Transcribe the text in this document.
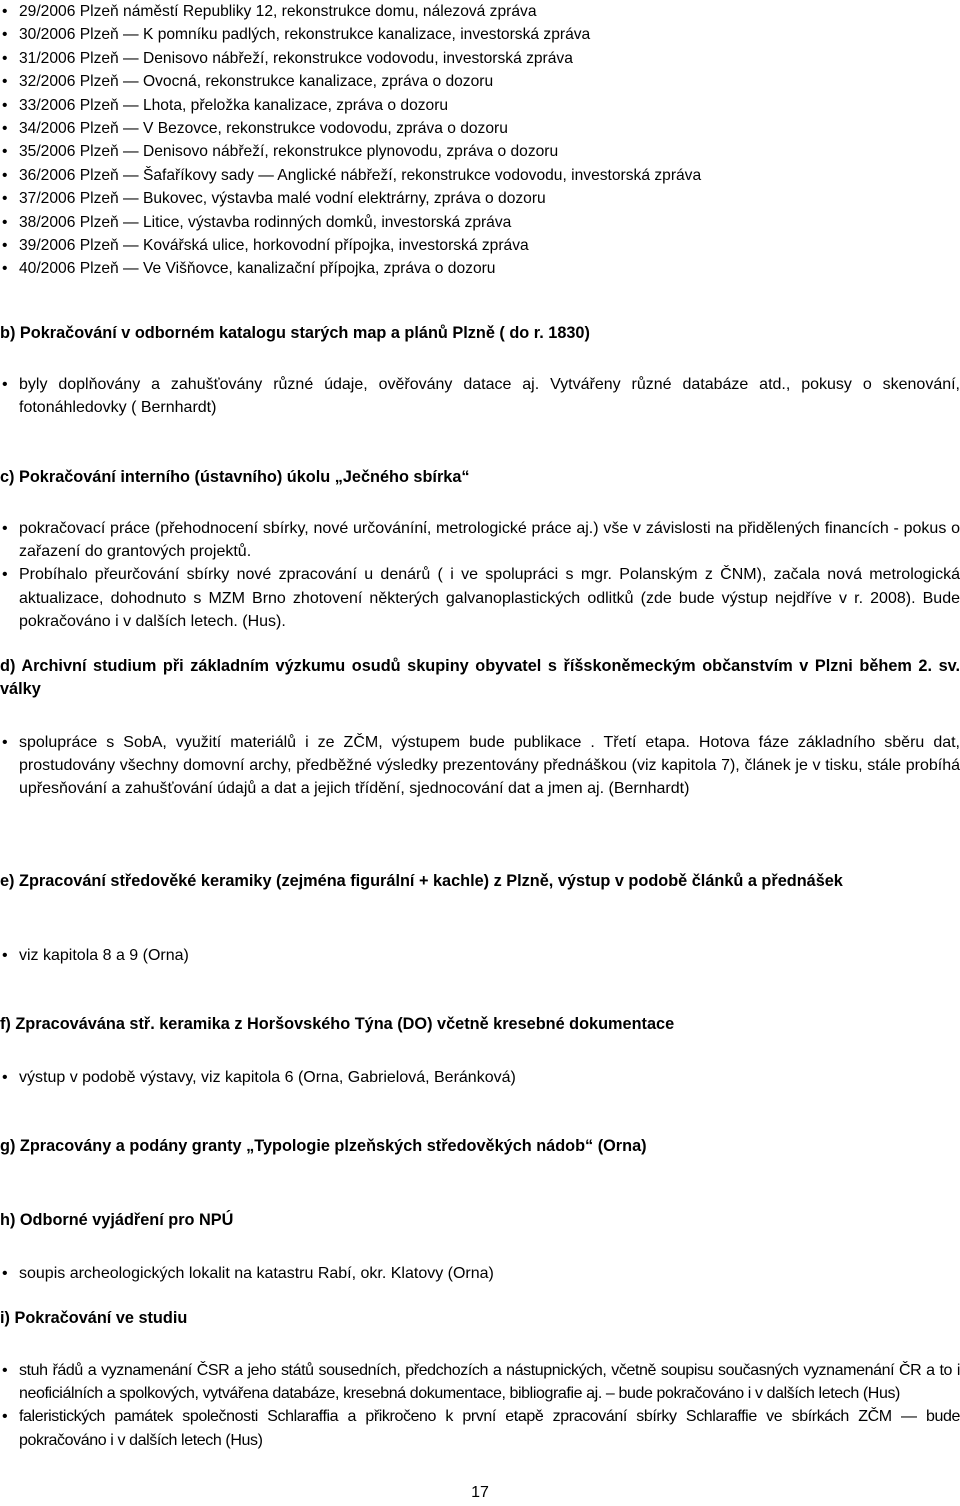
• 29/2006 Plzeň náměstí Republiky 12, rekonstrukce domu, nálezová zpráva
• 30/2006 Plzeň — K pomníku padlých, rekonstrukce kanalizace, investorská zpráva
• 31/2006 Plzeň — Denisovo nábřeží, rekonstrukce vodovodu, investorská zpráva
• 32/2006 Plzeň — Ovocná, rekonstrukce kanalizace, zpráva o dozoru
• 33/2006 Plzeň — Lhota, přeložka kanalizace, zpráva o dozoru
• 34/2006 Plzeň — V Bezovce, rekonstrukce vodovodu, zpráva o dozoru
• 35/2006 Plzeň — Denisovo nábřeží, rekonstrukce plynovodu, zpráva o dozoru
• 36/2006 Plzeň — Šafaříkovy sady — Anglické nábřeží, rekonstrukce vodovodu, investorská zpráva
• 37/2006 Plzeň — Bukovec, výstavba malé vodní elektrárny, zpráva o dozoru
• 38/2006 Plzeň — Litice, výstavba rodinných domků, investorská zpráva
• 39/2006 Plzeň — Kovářská ulice, horkovodní přípojka, investorská zpráva
• 40/2006 Plzeň — Ve Višňovce, kanalizační přípojka, zpráva o dozoru
b) Pokračování v odborném katalogu starých map a plánů Plzně ( do r. 1830)
• byly doplňovány a zahušťovány různé údaje, ověřovány datace aj. Vytvářeny různé databáze atd., pokusy o skenování, fotonáhledovky ( Bernhardt)
c) Pokračování interního (ústavního) úkolu „Ječného sbírka“
• pokračovací práce (přehodnocení sbírky, nové určovánínί, metrologické práce aj.) vše v závislosti na přidělených financích - pokus o zařazení do grantových projektů.
• Probíhalo přeurčování sbírky nové zpracování u denárů ( i ve spolupráci s mgr. Polanským z ČNM), začala nová metrologická aktualizace, dohodnuto s MZM Brno zhotovení některých galvanoplastických odlitků (zde bude výstup nejdříve v r. 2008). Bude pokračováno i v dalších letech. (Hus).
d) Archivní studium při základním výzkumu osudů skupiny obyvatel s říšskoněmeckým občanstvím v Plzni během 2. sv. války
• spolupráce s SobA, využití materiálů i ze ZČM, výstupem bude publikace . Třetí etapa. Hotova fáze základního sběru dat, prostudovány všechny domovní archy, předběžné výsledky prezentovány přednáškou (viz kapitola 7), článek je v tisku, stále probíhá upřesňování a zahušťování údajů a dat a jejich třídění, sjednocování dat a jmen aj. (Bernhardt)
e) Zpracování středověké keramiky (zejména figurální + kachle) z Plzně, výstup v podobě článků a přednášek
• viz kapitola 8 a 9 (Orna)
f) Zpracovávána stř. keramika z Horšovského Týna (DO) včetně kresebné dokumentace
• výstup v podobě výstavy, viz kapitola 6 (Orna, Gabrielová, Beránková)
g) Zpracovány a podány granty „Typologie plzeňských středověkých nádob“ (Orna)
h) Odborné vyjádření pro NPÚ
• soupis archeologických lokalit na katastru Rabí, okr. Klatovy (Orna)
i) Pokračování ve studiu
• stuh řádů a vyznamenání ČSR a jeho států sousedních, předchozích a nástupnických, včetně soupisu současných vyznamenání ČR a to i neoficiálních a spolkových, vytvářena databáze, kresebná dokumentace, bibliografie aj. – bude pokračováno i v dalších letech (Hus)
• faleristických památek společnosti Schlaraffia a přikročeno k první etapě zpracování sbírky Schlaraffie ve sbírkách ZČM — bude pokračováno i v dalších letech (Hus)
17
